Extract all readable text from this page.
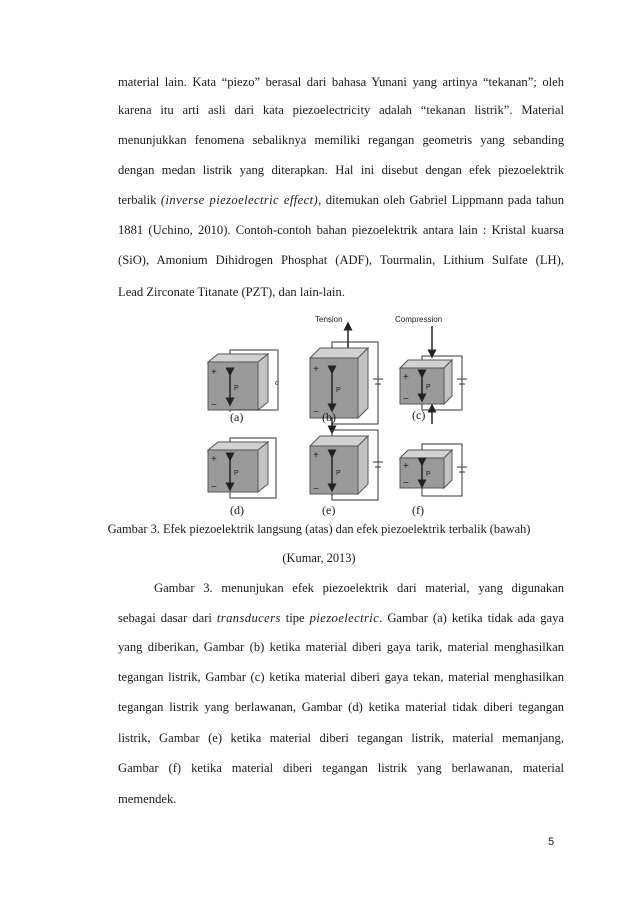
material lain. Kata “piezo” berasal dari bahasa Yunani yang artinya “tekanan”; oleh
karena itu arti asli dari kata piezoelectricity adalah “tekanan listrik”. Material
menunjukkan fenomena sebaliknya memiliki regangan geometris yang sebanding
dengan medan listrik yang diterapkan. Hal ini disebut dengan efek piezoelektrik
terbalik (inverse piezoelectric effect), ditemukan oleh Gabriel Lippmann pada tahun
1881 (Uchino, 2010). Contoh-contoh bahan piezoelektrik antara lain : Kristal kuarsa
(SiO), Amonium Dihidrogen Phosphat (ADF), Tourmalin, Lithium Sulfate (LH),
Lead Zirconate Titanate (PZT), dan lain-lain.
Tension	Compression
+
−
P
o
+
−
P
+
−
P
+
−
P
+
−
P
+
−
P
(a)	(b)	(c)
(d)	(e)	(f)
Gambar 3. Efek piezoelektrik langsung (atas) dan efek piezoelektrik terbalik (bawah)
(Kumar, 2013)
Gambar 3. menunjukan efek piezoelektrik dari material, yang digunakan
sebagai dasar dari transducers tipe piezoelectric. Gambar (a) ketika tidak ada gaya
yang diberikan, Gambar (b) ketika material diberi gaya tarik, material menghasilkan
tegangan listrik, Gambar (c) ketika material diberi gaya tekan, material menghasilkan
tegangan listrik yang berlawanan, Gambar (d) ketika material tidak diberi tegangan
listrik, Gambar (e) ketika material diberi tegangan listrik, material memanjang,
Gambar (f) ketika material diberi tegangan listrik yang berlawanan, material
memendek.
5
